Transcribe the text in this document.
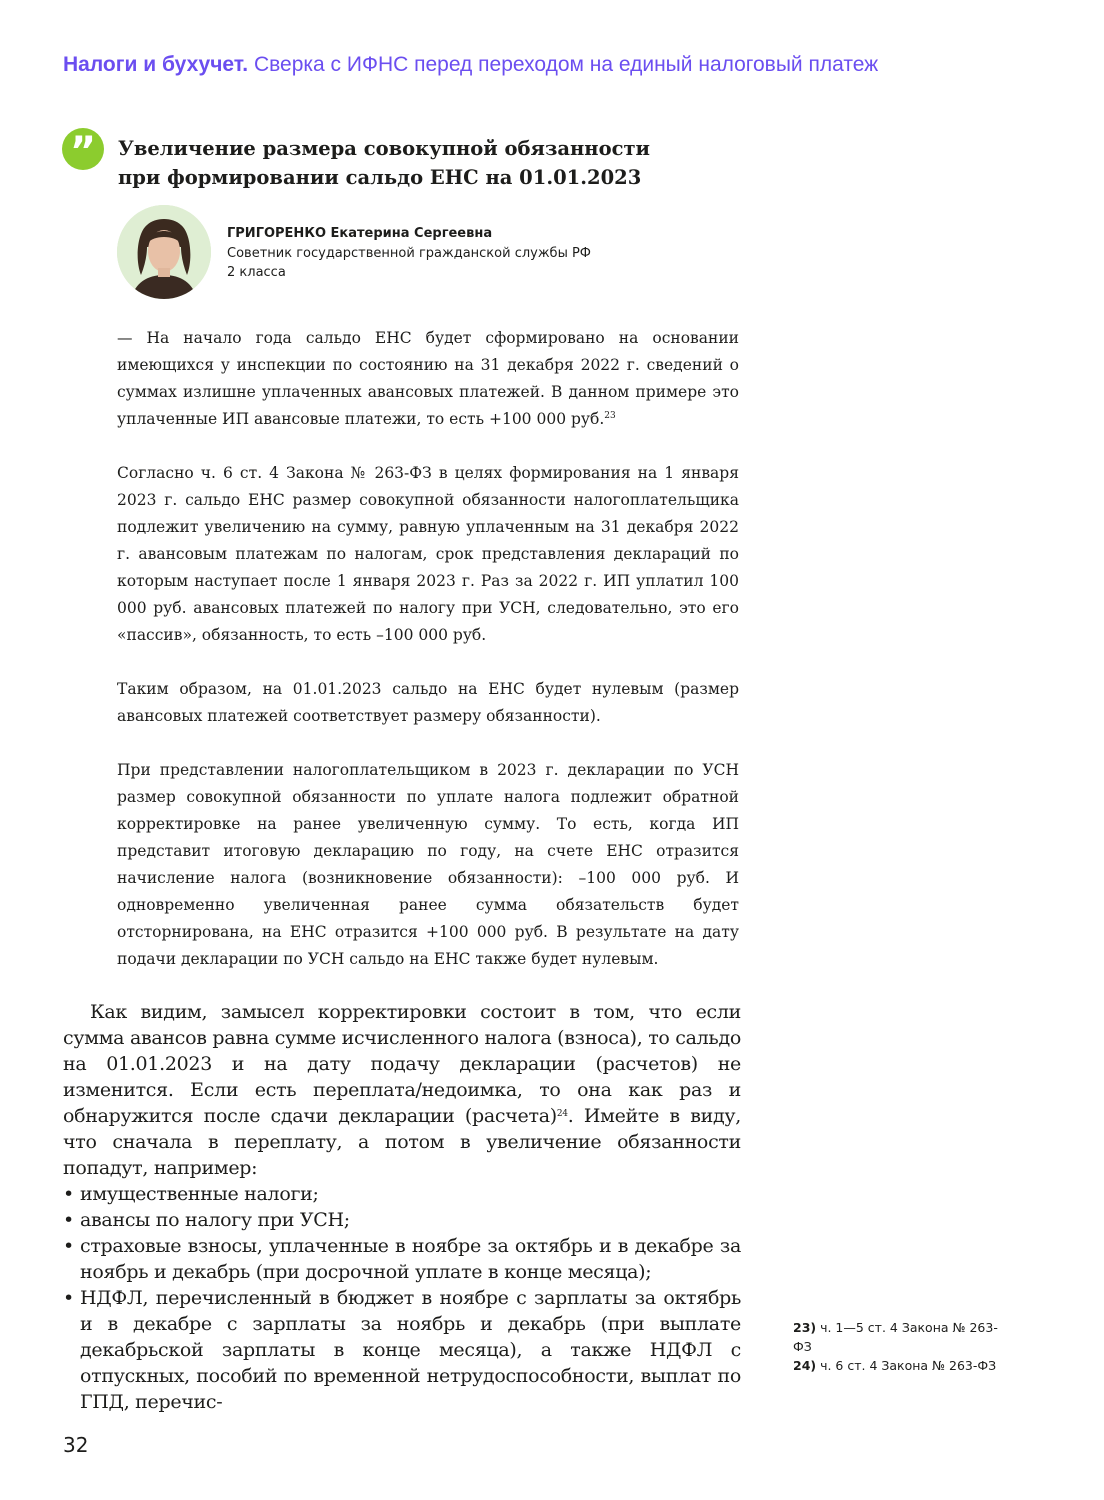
Налоги и бухучет. Сверка с ИФНС перед переходом на единый налоговый платеж
”	Увеличение размера совокупной обязанности
при формировании сальдо ЕНС на 01.01.2023
ГРИГОРЕНКО Екатерина Сергеевна
Советник государственной гражданской службы РФ
2 класса

— На начало года сальдо ЕНС будет сформировано на основании имеющихся у инспекции по состоянию на 31 декабря 2022 г. сведений о суммах излишне уплаченных авансовых платежей. В данном примере это уплаченные ИП авансовые платежи, то есть +100 000 руб.$^{23}$

Согласно ч. 6 ст. 4 Закона № 263-ФЗ в целях формирования на 1 января 2023 г. сальдо ЕНС размер совокупной обязанности налогоплательщика подлежит увеличению на сумму, равную уплаченным на 31 декабря 2022 г. авансовым платежам по налогам, срок представления деклараций по которым наступает после 1 января 2023 г. Раз за 2022 г. ИП уплатил 100 000 руб. авансовых платежей по налогу при УСН, следовательно, это его «пассив», обязанность, то есть –100 000 руб.

Таким образом, на 01.01.2023 сальдо на ЕНС будет нулевым (размер авансовых платежей соответствует размеру обязанности).

При представлении налогоплательщиком в 2023 г. декларации по УСН размер совокупной обязанности по уплате налога подлежит обратной корректировке на ранее увеличенную сумму. То есть, когда ИП представит итоговую декларацию по году, на счете ЕНС отразится начисление налога (возникновение обязанности): –100 000 руб. И одновременно увеличенная ранее сумма обязательств будет отсторнирована, на ЕНС отразится +100 000 руб. В результате на дату подачи декларации по УСН сальдо на ЕНС также будет нулевым.

Как видим, замысел корректировки состоит в том, что если сумма авансов равна сумме исчисленного налога (взноса), то сальдо на 01.01.2023 и на дату подачу декларации (расчетов) не изменится. Если есть переплата/недоимка, то она как раз и обнаружится после сдачи декларации (расчета)$^{24}$. Имейте в виду, что сначала в переплату, а потом в увеличение обязанности попадут, например:

• имущественные налоги;
• авансы по налогу при УСН;
• страховые взносы, уплаченные в ноябре за октябрь и в декабре за ноябрь и декабрь (при досрочной уплате в конце месяца);
• НДФЛ, перечисленный в бюджет в ноябре с зарплаты за октябрь и в декабре с зарплаты за ноябрь и декабрь (при выплате декабрьской зарплаты в конце месяца), а также НДФЛ с отпускных, пособий по временной нетрудоспособности, выплат по ГПД, перечис-
23) ч. 1—5 ст. 4 Закона № 263-ФЗ
24) ч. 6 ст. 4 Закона № 263-ФЗ
32
